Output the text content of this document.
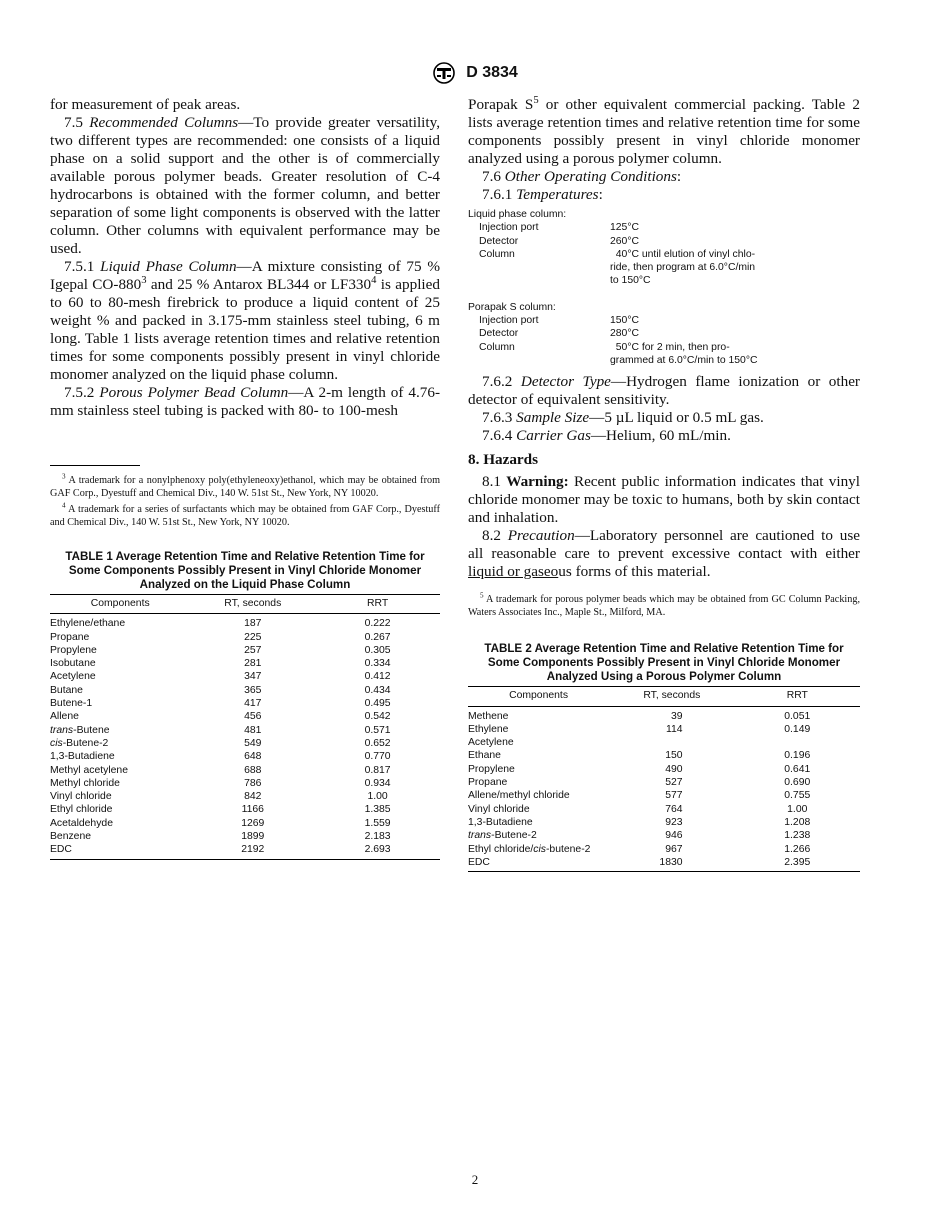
D 3834

for measurement of peak areas.

7.5 Recommended Columns—To provide greater versatility, two different types are recommended: one consists of a liquid phase on a solid support and the other is of commercially available porous polymer beads. Greater resolution of C-4 hydrocarbons is obtained with the former column, and better separation of some light components is observed with the latter column. Other columns with equivalent performance may be used.

7.5.1 Liquid Phase Column—A mixture consisting of 75 % Igepal $CO-880^3$ and 25 % Antarox BL344 or $LF330^4$ is applied to 60 to 80-mesh firebrick to produce a liquid content of 25 weight % and packed in 3.175-mm stainless steel tubing, 6 m long. Table 1 lists average retention times and relative retention times for some components possibly present in vinyl chloride monomer analyzed on the liquid phase column.

7.5.2 Porous Polymer Bead Column—A 2-m length of 4.76-mm stainless steel tubing is packed with 80- to 100-mesh

$^3$ A trademark for a nonylphenoxy poly(ethyleneoxy)ethanol, which may be obtained from GAF Corp., Dyestuff and Chemical Div., 140 W. 51st St., New York, NY 10020.

$^4$ A trademark for a series of surfactants which may be obtained from GAF Corp., Dyestuff and Chemical Div., 140 W. 51st St., New York, NY 10020.

TABLE 1 Average Retention Time and Relative Retention Time for Some Components Possibly Present in Vinyl Chloride Monomer Analyzed on the Liquid Phase Column
Components	RT, seconds	RRT
Ethylene/ethane	187	0.222
Propane	225	0.267
Propylene	257	0.305
Isobutane	281	0.334
Acetylene	347	0.412
Butane	365	0.434
Butene-1	417	0.495
Allene	456	0.542
trans-Butene	481	0.571
cis-Butene-2	549	0.652
1,3-Butadiene	648	0.770
Methyl acetylene	688	0.817
Methyl chloride	786	0.934
Vinyl chloride	842	1.00
Ethyl chloride	1166	1.385
Acetaldehyde	1269	1.559
Benzene	1899	2.183
EDC	2192	2.693

Porapak $S^5$ or other equivalent commercial packing. Table 2 lists average retention times and relative retention time for some components possibly present in vinyl chloride monomer analyzed using a porous polymer column.

7.6 Other Operating Conditions:

7.6.1 Temperatures:

Liquid phase column:
Injection port	125°C
Detector	260°C
Column	40°C until elution of vinyl chlo-
ride, then program at 6.0°C/min
to 150°C
Porapak S column:
Injection port	150°C
Detector	280°C
Column	50°C for 2 min, then pro-
grammed at 6.0°C/min to 150°C

7.6.2 Detector Type—Hydrogen flame ionization or other detector of equivalent sensitivity.

7.6.3 Sample Size—5 µL liquid or 0.5 mL gas.

7.6.4 Carrier Gas—Helium, 60 mL/min.

8. Hazards

8.1 Warning: Recent public information indicates that vinyl chloride monomer may be toxic to humans, both by skin contact and inhalation.

8.2 Precaution—Laboratory personnel are cautioned to use all reasonable care to prevent excessive contact with either liquid or gaseous forms of this material.

$^5$ A trademark for porous polymer beads which may be obtained from GC Column Packing, Waters Associates Inc., Maple St., Milford, MA.

TABLE 2 Average Retention Time and Relative Retention Time for Some Components Possibly Present in Vinyl Chloride Monomer Analyzed Using a Porous Polymer Column
Components	RT, seconds	RRT
Methene	39	0.051
Ethylene	114	0.149
Acetylene		
Ethane	150	0.196
Propylene	490	0.641
Propane	527	0.690
Allene/methyl chloride	577	0.755
Vinyl chloride	764	1.00
1,3-Butadiene	923	1.208
trans-Butene-2	946	1.238
Ethyl chloride/cis-butene-2	967	1.266
EDC	1830	2.395
2
